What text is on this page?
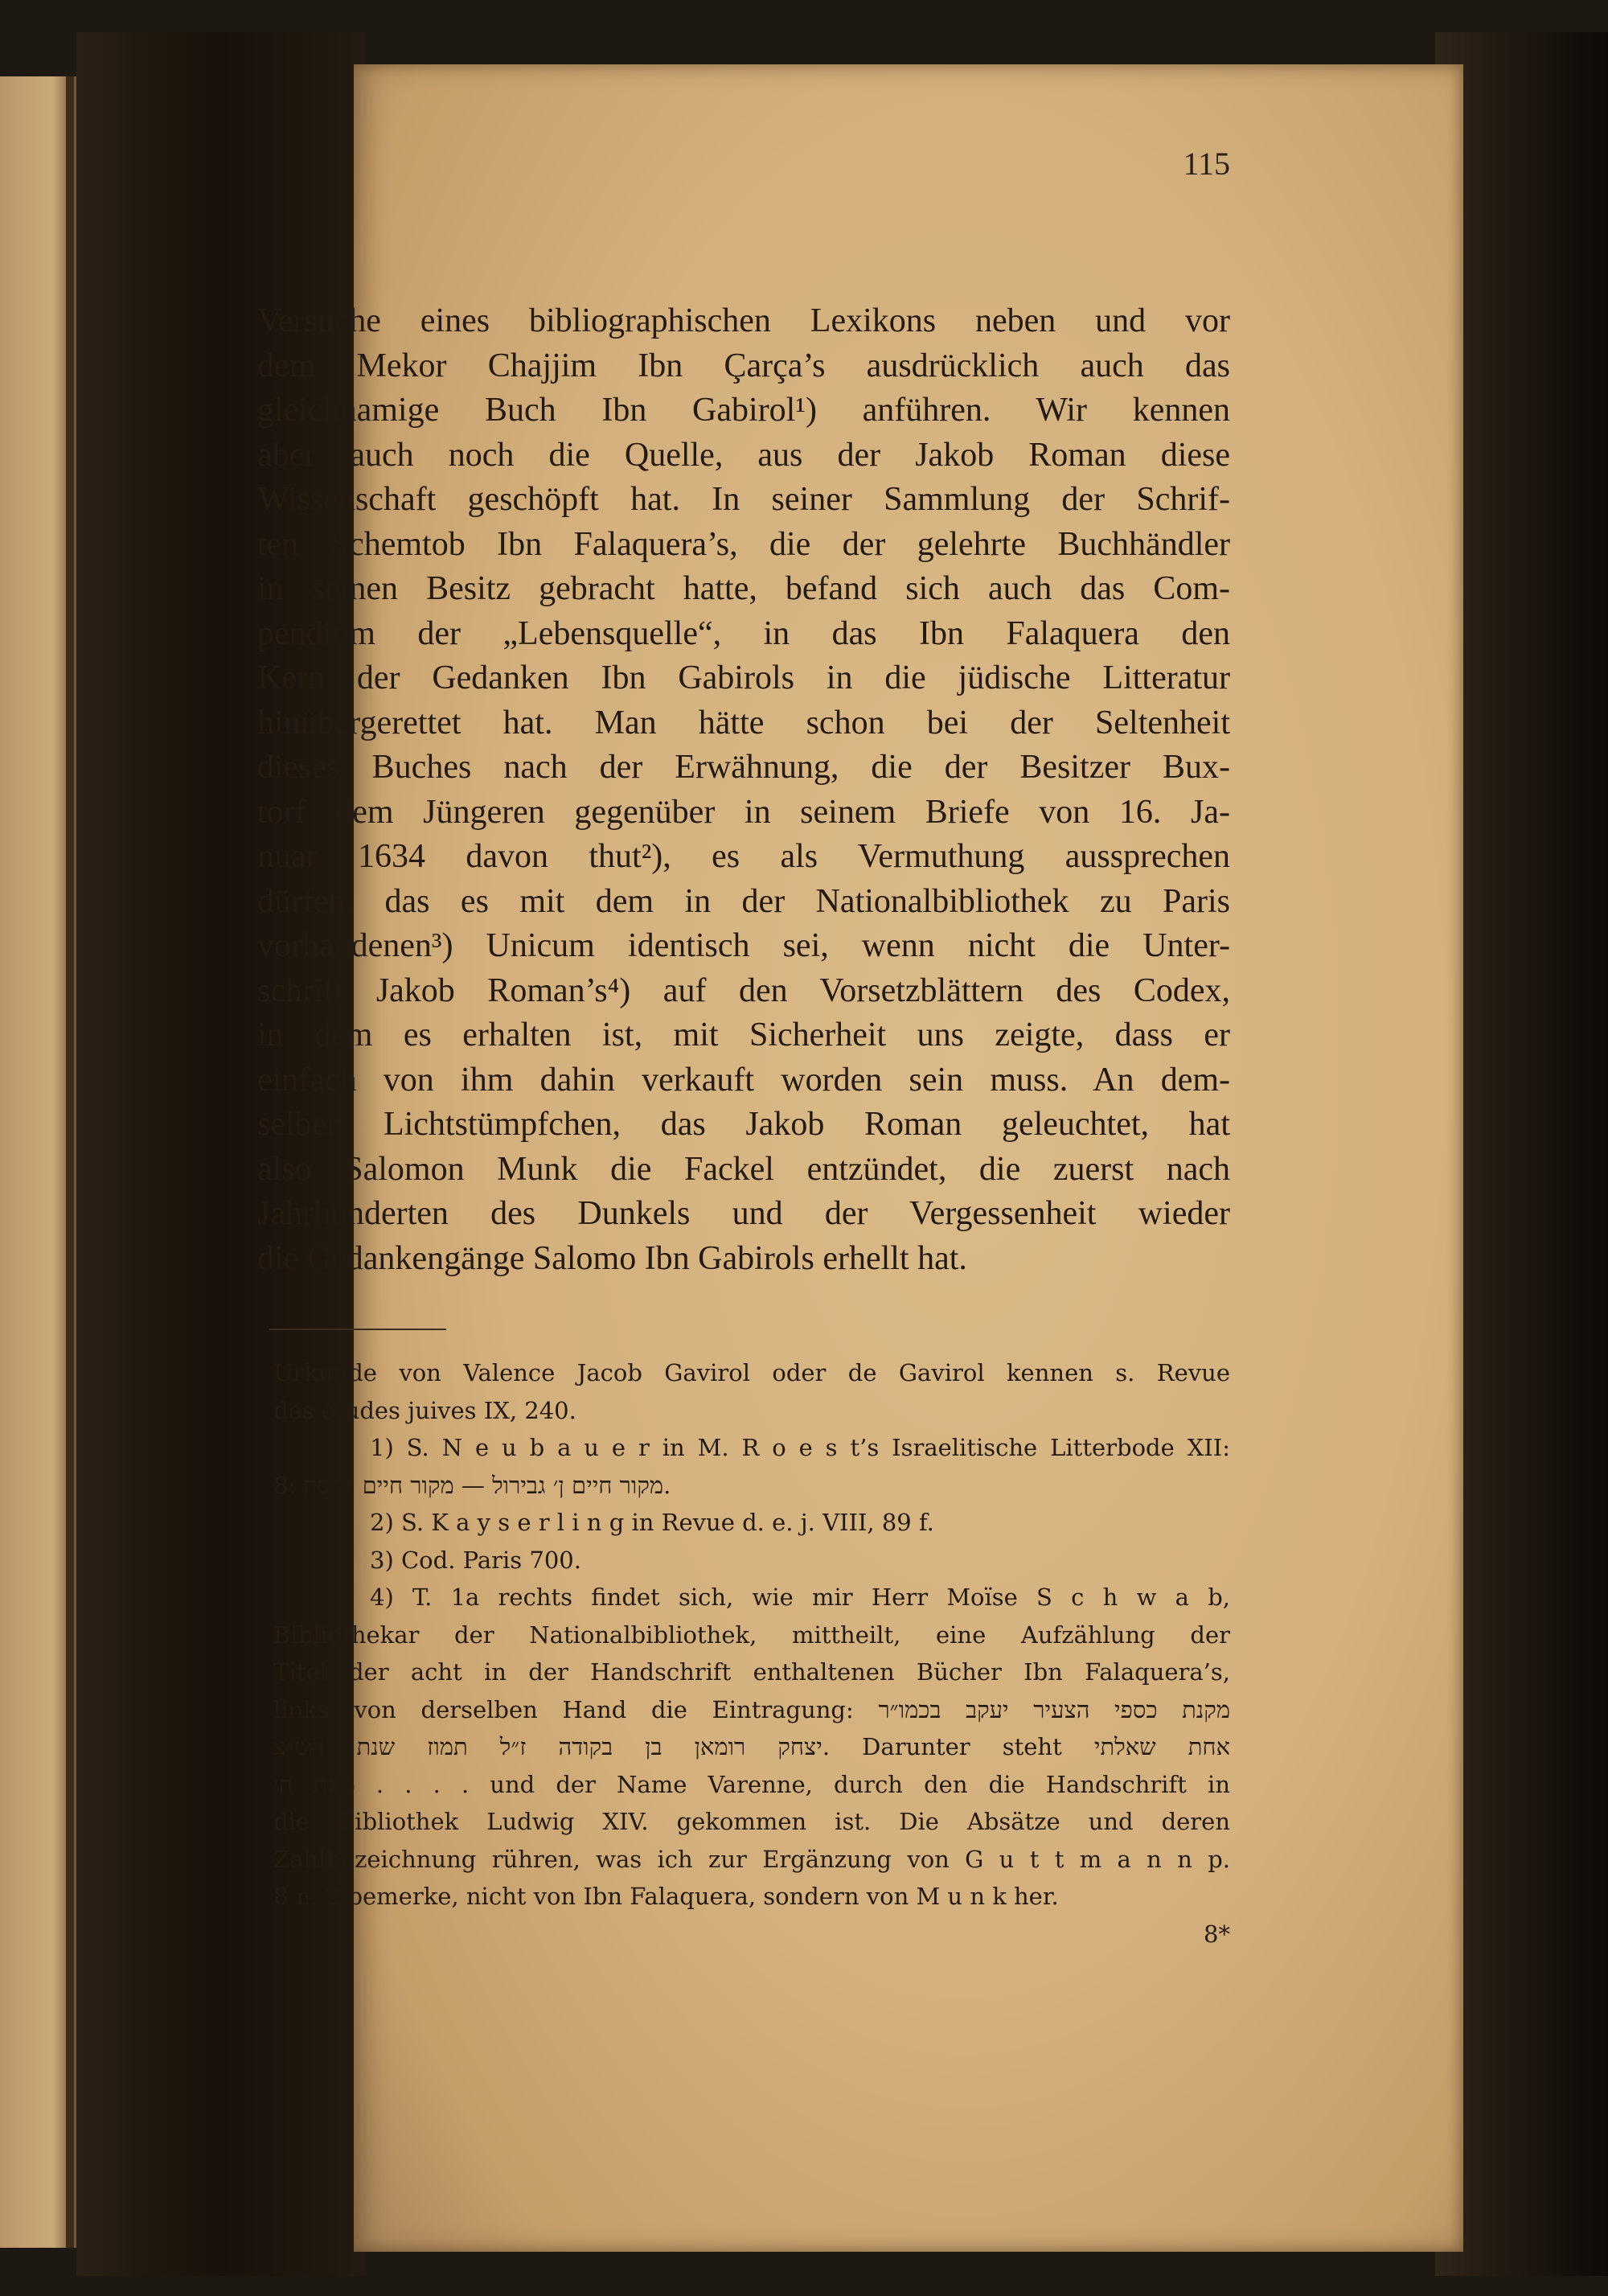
115
Versuche eines bibliographischen Lexikons neben und vor
dem Mekor Chajjim Ibn Çarça’s ausdrücklich auch das
gleichnamige Buch Ibn Gabirol¹) anführen. Wir kennen
aber auch noch die Quelle, aus der Jakob Roman diese
Wissenschaft geschöpft hat. In seiner Sammlung der Schrif-
ten Schemtob Ibn Falaquera’s, die der gelehrte Buchhändler
in seinen Besitz gebracht hatte, befand sich auch das Com-
pendium der „Lebensquelle“, in das Ibn Falaquera den
Kern der Gedanken Ibn Gabirols in die jüdische Litteratur
hinübergerettet hat. Man hätte schon bei der Seltenheit
dieses Buches nach der Erwähnung, die der Besitzer Bux-
torf dem Jüngeren gegenüber in seinem Briefe von 16. Ja-
nuar 1634 davon thut²), es als Vermuthung aussprechen
dürfen, das es mit dem in der Nationalbibliothek zu Paris
vorhandenen³) Unicum identisch sei, wenn nicht die Unter-
schrift Jakob Roman’s⁴) auf den Vorsetzblättern des Codex,
in dem es erhalten ist, mit Sicherheit uns zeigte, dass er
einfach von ihm dahin verkauft worden sein muss. An dem-
selben Lichtstümpfchen, das Jakob Roman geleuchtet, hat
also Salomon Munk die Fackel entzündet, die zuerst nach
Jahrhunderten des Dunkels und der Vergessenheit wieder
die Gedankengänge Salomo Ibn Gabirols erhellt hat.
Urkunde von Valence Jacob Gavirol oder de Gavirol kennen s. Revue
des études juives IX, 240.
1) S. N e u b a u e r in M. R o e s t’s Israelitische Litterbode XII:
8: מקור חיים ן׳ גבירול — מקור חיים סרסה.
2) S. K a y s e r l i n g in Revue d. e. j. VIII, 89 f.
3) Cod. Paris 700.
4) T. 1a rechts findet sich, wie mir Herr Moïse S c h w a b,
Bibliothekar der Nationalbibliothek, mittheilt, eine Aufzählung der
Titel der acht in der Handschrift enthaltenen Bücher Ibn Falaquera’s,
links von derselben Hand die Eintragung: מקנת כספי הצעיר יעקב בכמו״ר
יצחק רומאן בן בקודה ז״ל תמוז שנת הש״צ. Darunter steht אחת שאלתי
מאת ה׳ . . . . und der Name Varenne, durch den die Handschrift in
die Bibliothek Ludwig XIV. gekommen ist. Die Absätze und deren
Zahlbezeichnung rühren, was ich zur Ergänzung von G u t t m a n n p.
8 n. 2 bemerke, nicht von Ibn Falaquera, sondern von M u n k her.
8*
